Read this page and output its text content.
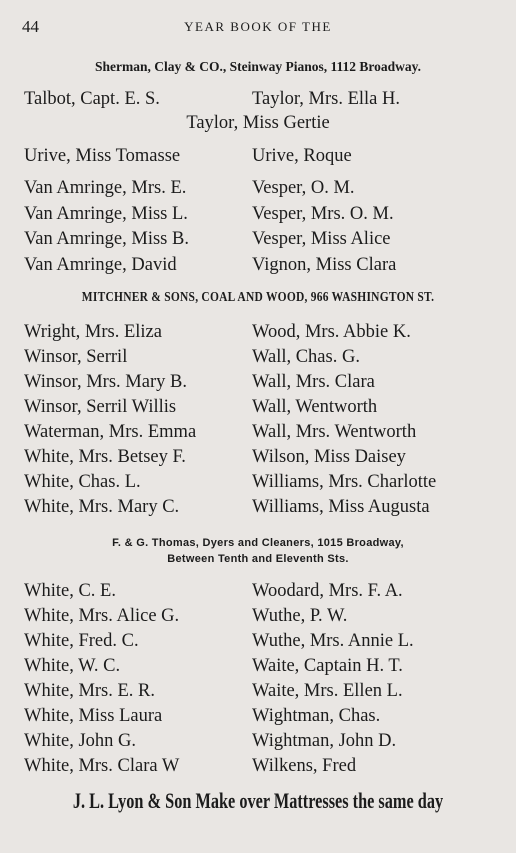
44	YEAR BOOK OF THE
Sherman, Clay & CO., Steinway Pianos, 1112 Broadway.
Talbot, Capt. E. S.	Taylor, Mrs. Ella H.
Taylor, Miss Gertie
Urive, Miss Tomasse	Urive, Roque
Van Amringe, Mrs. E.	Vesper, O. M.
Van Amringe, Miss L.	Vesper, Mrs. O. M.
Van Amringe, Miss B.	Vesper, Miss Alice
Van Amringe, David	Vignon, Miss Clara
MITCHNER & SONS, COAL AND WOOD, 966 WASHINGTON ST.
Wright, Mrs. Eliza	Wood, Mrs. Abbie K.
Winsor, Serril	Wall, Chas. G.
Winsor, Mrs. Mary B.	Wall, Mrs. Clara
Winsor, Serril Willis	Wall, Wentworth
Waterman, Mrs. Emma	Wall, Mrs. Wentworth
White, Mrs. Betsey F.	Wilson, Miss Daisey
White, Chas. L.	Williams, Mrs. Charlotte
White, Mrs. Mary C.	Williams, Miss Augusta
F. & G. Thomas, Dyers and Cleaners, 1015 Broadway,
Between Tenth and Eleventh Sts.
White, C. E.	Woodard, Mrs. F. A.
White, Mrs. Alice G.	Wuthe, P. W.
White, Fred. C.	Wuthe, Mrs. Annie L.
White, W. C.	Waite, Captain H. T.
White, Mrs. E. R.	Waite, Mrs. Ellen L.
White, Miss Laura	Wightman, Chas.
White, John G.	Wightman, John D.
White, Mrs. Clara W	Wilkens, Fred
J. L. Lyon & Son Make over Mattresses the same day
